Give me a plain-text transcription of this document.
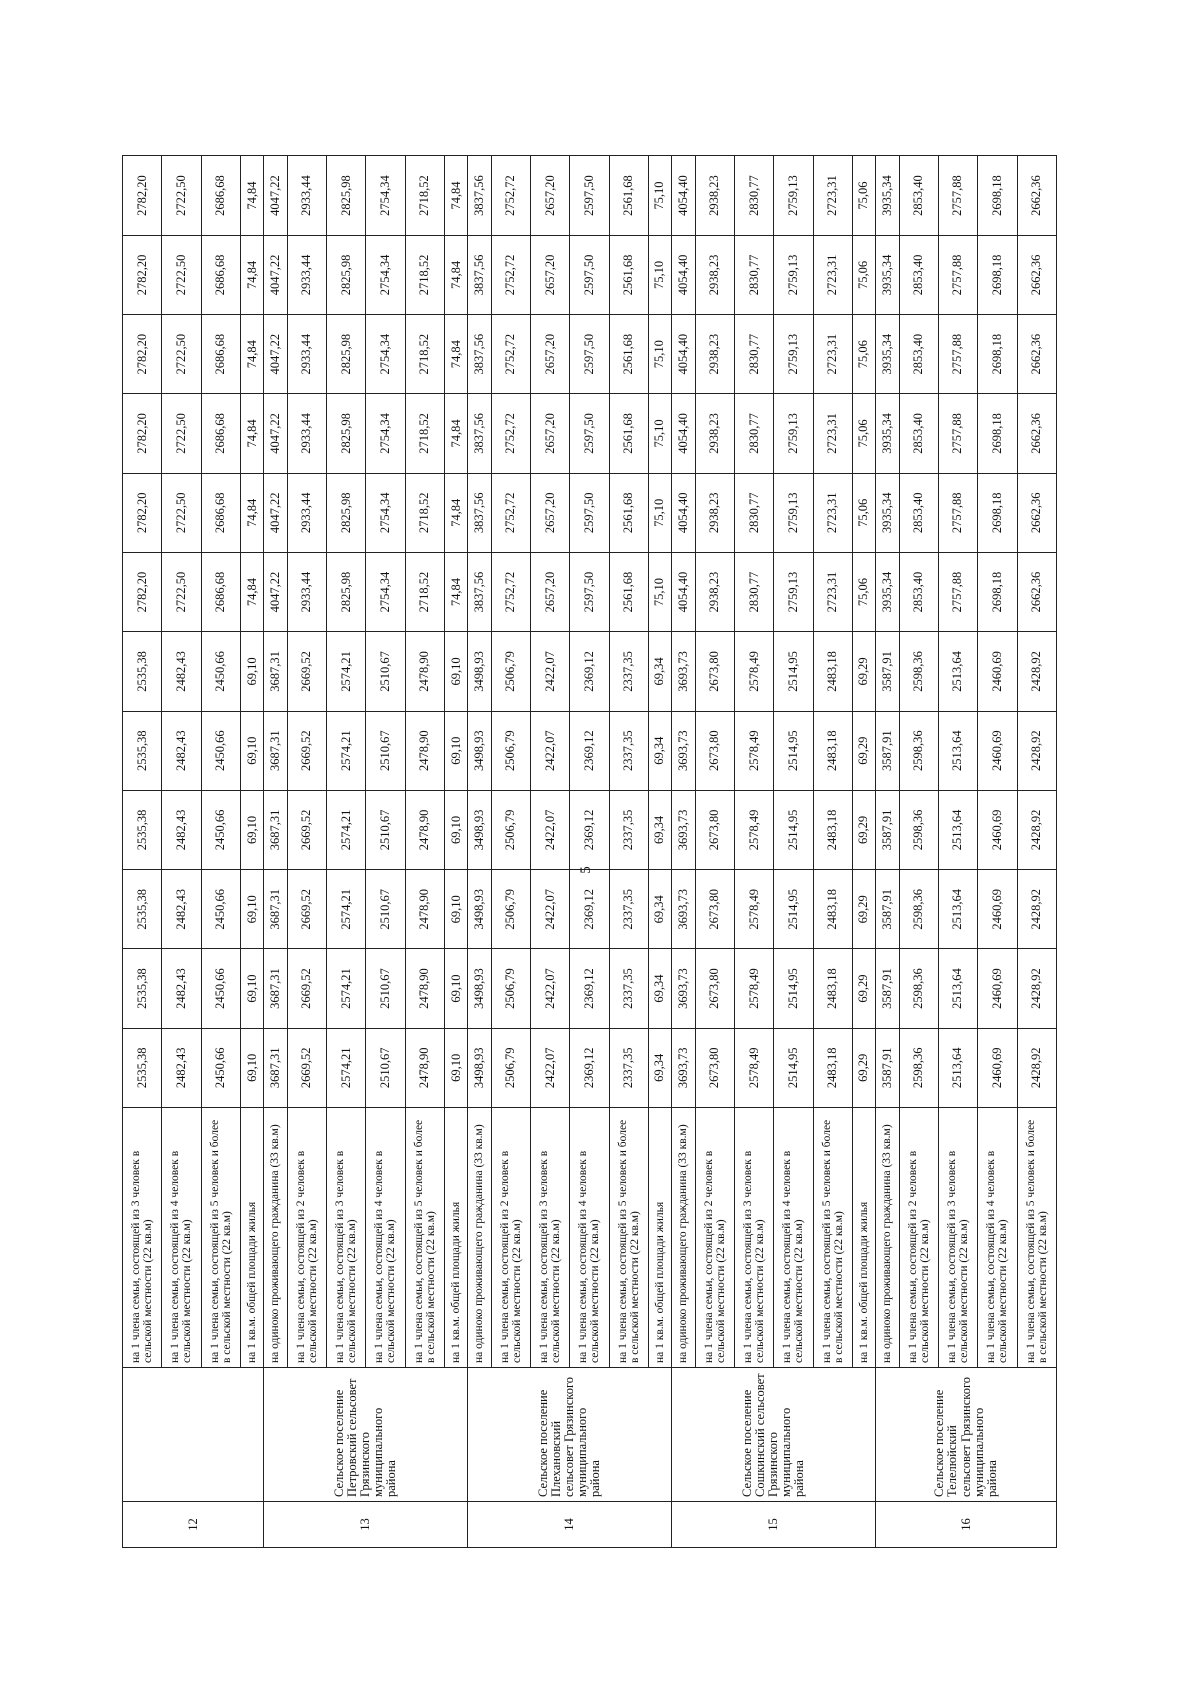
12		на 1 члена семьи, состоящей из 3 человек в сельской местности (22 кв.м)	2535,38	2535,38	2535,38	2535,38	2535,38	2535,38	2782,20	2782,20	2782,20	2782,20	2782,20	2782,20
		на 1 члена семьи, состоящей из 4 человек в сельской местности (22 кв.м)	2482,43	2482,43	2482,43	2482,43	2482,43	2482,43	2722,50	2722,50	2722,50	2722,50	2722,50	2722,50
		на 1 члена семьи, состоящей из 5 человек и более в сельской местности (22 кв.м)	2450,66	2450,66	2450,66	2450,66	2450,66	2450,66	2686,68	2686,68	2686,68	2686,68	2686,68	2686,68
		на 1 кв.м. общей площади жилья	69,10	69,10	69,10	69,10	69,10	69,10	74,84	74,84	74,84	74,84	74,84	74,84
13	Сельское поселение Петровский сельсовет Грязинского муниципального района	на одиноко проживающего гражданина (33 кв.м)	3687,31	3687,31	3687,31	3687,31	3687,31	3687,31	4047,22	4047,22	4047,22	4047,22	4047,22	4047,22
		на 1 члена семьи, состоящей из 2 человек в сельской местности (22 кв.м)	2669,52	2669,52	2669,52	2669,52	2669,52	2669,52	2933,44	2933,44	2933,44	2933,44	2933,44	2933,44
		на 1 члена семьи, состоящей из 3 человек в сельской местности (22 кв.м)	2574,21	2574,21	2574,21	2574,21	2574,21	2574,21	2825,98	2825,98	2825,98	2825,98	2825,98	2825,98
		на 1 члена семьи, состоящей из 4 человек в сельской местности (22 кв.м)	2510,67	2510,67	2510,67	2510,67	2510,67	2510,67	2754,34	2754,34	2754,34	2754,34	2754,34	2754,34
		на 1 члена семьи, состоящей из 5 человек и более в сельской местности (22 кв.м)	2478,90	2478,90	2478,90	2478,90	2478,90	2478,90	2718,52	2718,52	2718,52	2718,52	2718,52	2718,52
		на 1 кв.м. общей площади жилья	69,10	69,10	69,10	69,10	69,10	69,10	74,84	74,84	74,84	74,84	74,84	74,84
14	Сельское поселение Плехановский сельсовет Грязинского муниципального района	на одиноко проживающего гражданина (33 кв.м)	3498,93	3498,93	3498,93	3498,93	3498,93	3498,93	3837,56	3837,56	3837,56	3837,56	3837,56	3837,56
		на 1 члена семьи, состоящей из 2 человек в сельской местности (22 кв.м)	2506,79	2506,79	2506,79	2506,79	2506,79	2506,79	2752,72	2752,72	2752,72	2752,72	2752,72	2752,72
		на 1 члена семьи, состоящей из 3 человек в сельской местности (22 кв.м)	2422,07	2422,07	2422,07	2422,07	2422,07	2422,07	2657,20	2657,20	2657,20	2657,20	2657,20	2657,20
		на 1 члена семьи, состоящей из 4 человек в сельской местности (22 кв.м)	2369,12	2369,12	2369,12	2369,12	2369,12	2369,12	2597,50	2597,50	2597,50	2597,50	2597,50	2597,50
		на 1 члена семьи, состоящей из 5 человек и более в сельской местности (22 кв.м)	2337,35	2337,35	2337,35	2337,35	2337,35	2337,35	2561,68	2561,68	2561,68	2561,68	2561,68	2561,68
		на 1 кв.м. общей площади жилья	69,34	69,34	69,34	69,34	69,34	69,34	75,10	75,10	75,10	75,10	75,10	75,10
15	Сельское поселение Сошкинский сельсовет Грязинского муниципального района	на одиноко проживающего гражданина (33 кв.м)	3693,73	3693,73	3693,73	3693,73	3693,73	3693,73	4054,40	4054,40	4054,40	4054,40	4054,40	4054,40
		на 1 члена семьи, состоящей из 2 человек в сельской местности (22 кв.м)	2673,80	2673,80	2673,80	2673,80	2673,80	2673,80	2938,23	2938,23	2938,23	2938,23	2938,23	2938,23
		на 1 члена семьи, состоящей из 3 человек в сельской местности (22 кв.м)	2578,49	2578,49	2578,49	2578,49	2578,49	2578,49	2830,77	2830,77	2830,77	2830,77	2830,77	2830,77
		на 1 члена семьи, состоящей из 4 человек в сельской местности (22 кв.м)	2514,95	2514,95	2514,95	2514,95	2514,95	2514,95	2759,13	2759,13	2759,13	2759,13	2759,13	2759,13
		на 1 члена семьи, состоящей из 5 человек и более в сельской местности (22 кв.м)	2483,18	2483,18	2483,18	2483,18	2483,18	2483,18	2723,31	2723,31	2723,31	2723,31	2723,31	2723,31
		на 1 кв.м. общей площади жилья	69,29	69,29	69,29	69,29	69,29	69,29	75,06	75,06	75,06	75,06	75,06	75,06
16	Сельское поселение Телелюйский сельсовет Грязинского муниципального района	на одиноко проживающего гражданина (33 кв.м)	3587,91	3587,91	3587,91	3587,91	3587,91	3587,91	3935,34	3935,34	3935,34	3935,34	3935,34	3935,34
		на 1 члена семьи, состоящей из 2 человек в сельской местности (22 кв.м)	2598,36	2598,36	2598,36	2598,36	2598,36	2598,36	2853,40	2853,40	2853,40	2853,40	2853,40	2853,40
		на 1 члена семьи, состоящей из 3 человек в сельской местности (22 кв.м)	2513,64	2513,64	2513,64	2513,64	2513,64	2513,64	2757,88	2757,88	2757,88	2757,88	2757,88	2757,88
		на 1 члена семьи, состоящей из 4 человек в сельской местности (22 кв.м)	2460,69	2460,69	2460,69	2460,69	2460,69	2460,69	2698,18	2698,18	2698,18	2698,18	2698,18	2698,18
		на 1 члена семьи, состоящей из 5 человек и более в сельской местности (22 кв.м)	2428,92	2428,92	2428,92	2428,92	2428,92	2428,92	2662,36	2662,36	2662,36	2662,36	2662,36	2662,36
5
